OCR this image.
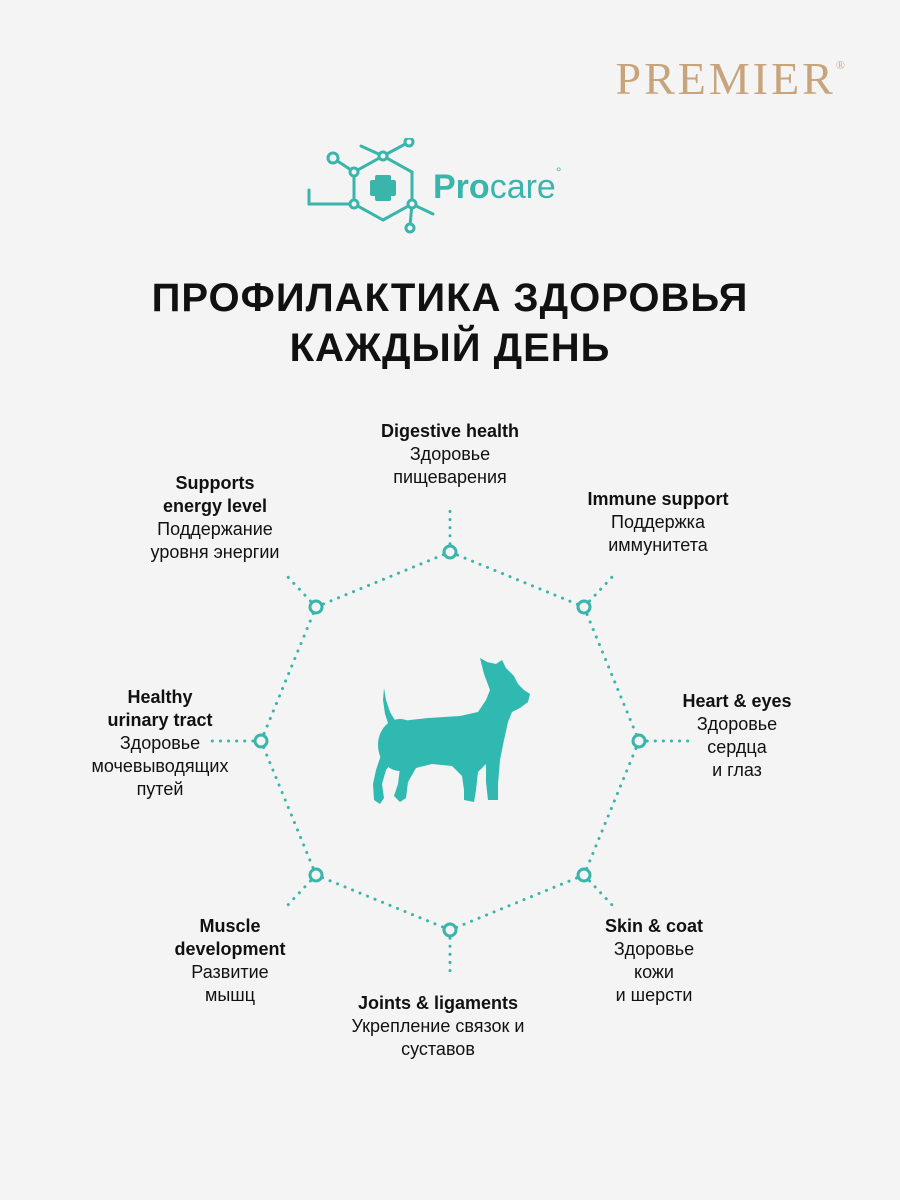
PREMIER®
Procare°
ПРОФИЛАКТИКА ЗДОРОВЬЯ
КАЖДЫЙ ДЕНЬ
Digestive health
Здоровье
пищеварения
Immune support
Поддержка
иммунитета
Heart & eyes
Здоровье
сердца
и глаз
Skin & coat
Здоровье
кожи
и шерсти
Joints & ligaments
Укрепление связок и
суставов
Muscle
development
Развитие
мышц
Healthy
urinary tract
Здоровье
мочевыводящих
путей
Supports
energy level
Поддержание
уровня энергии
